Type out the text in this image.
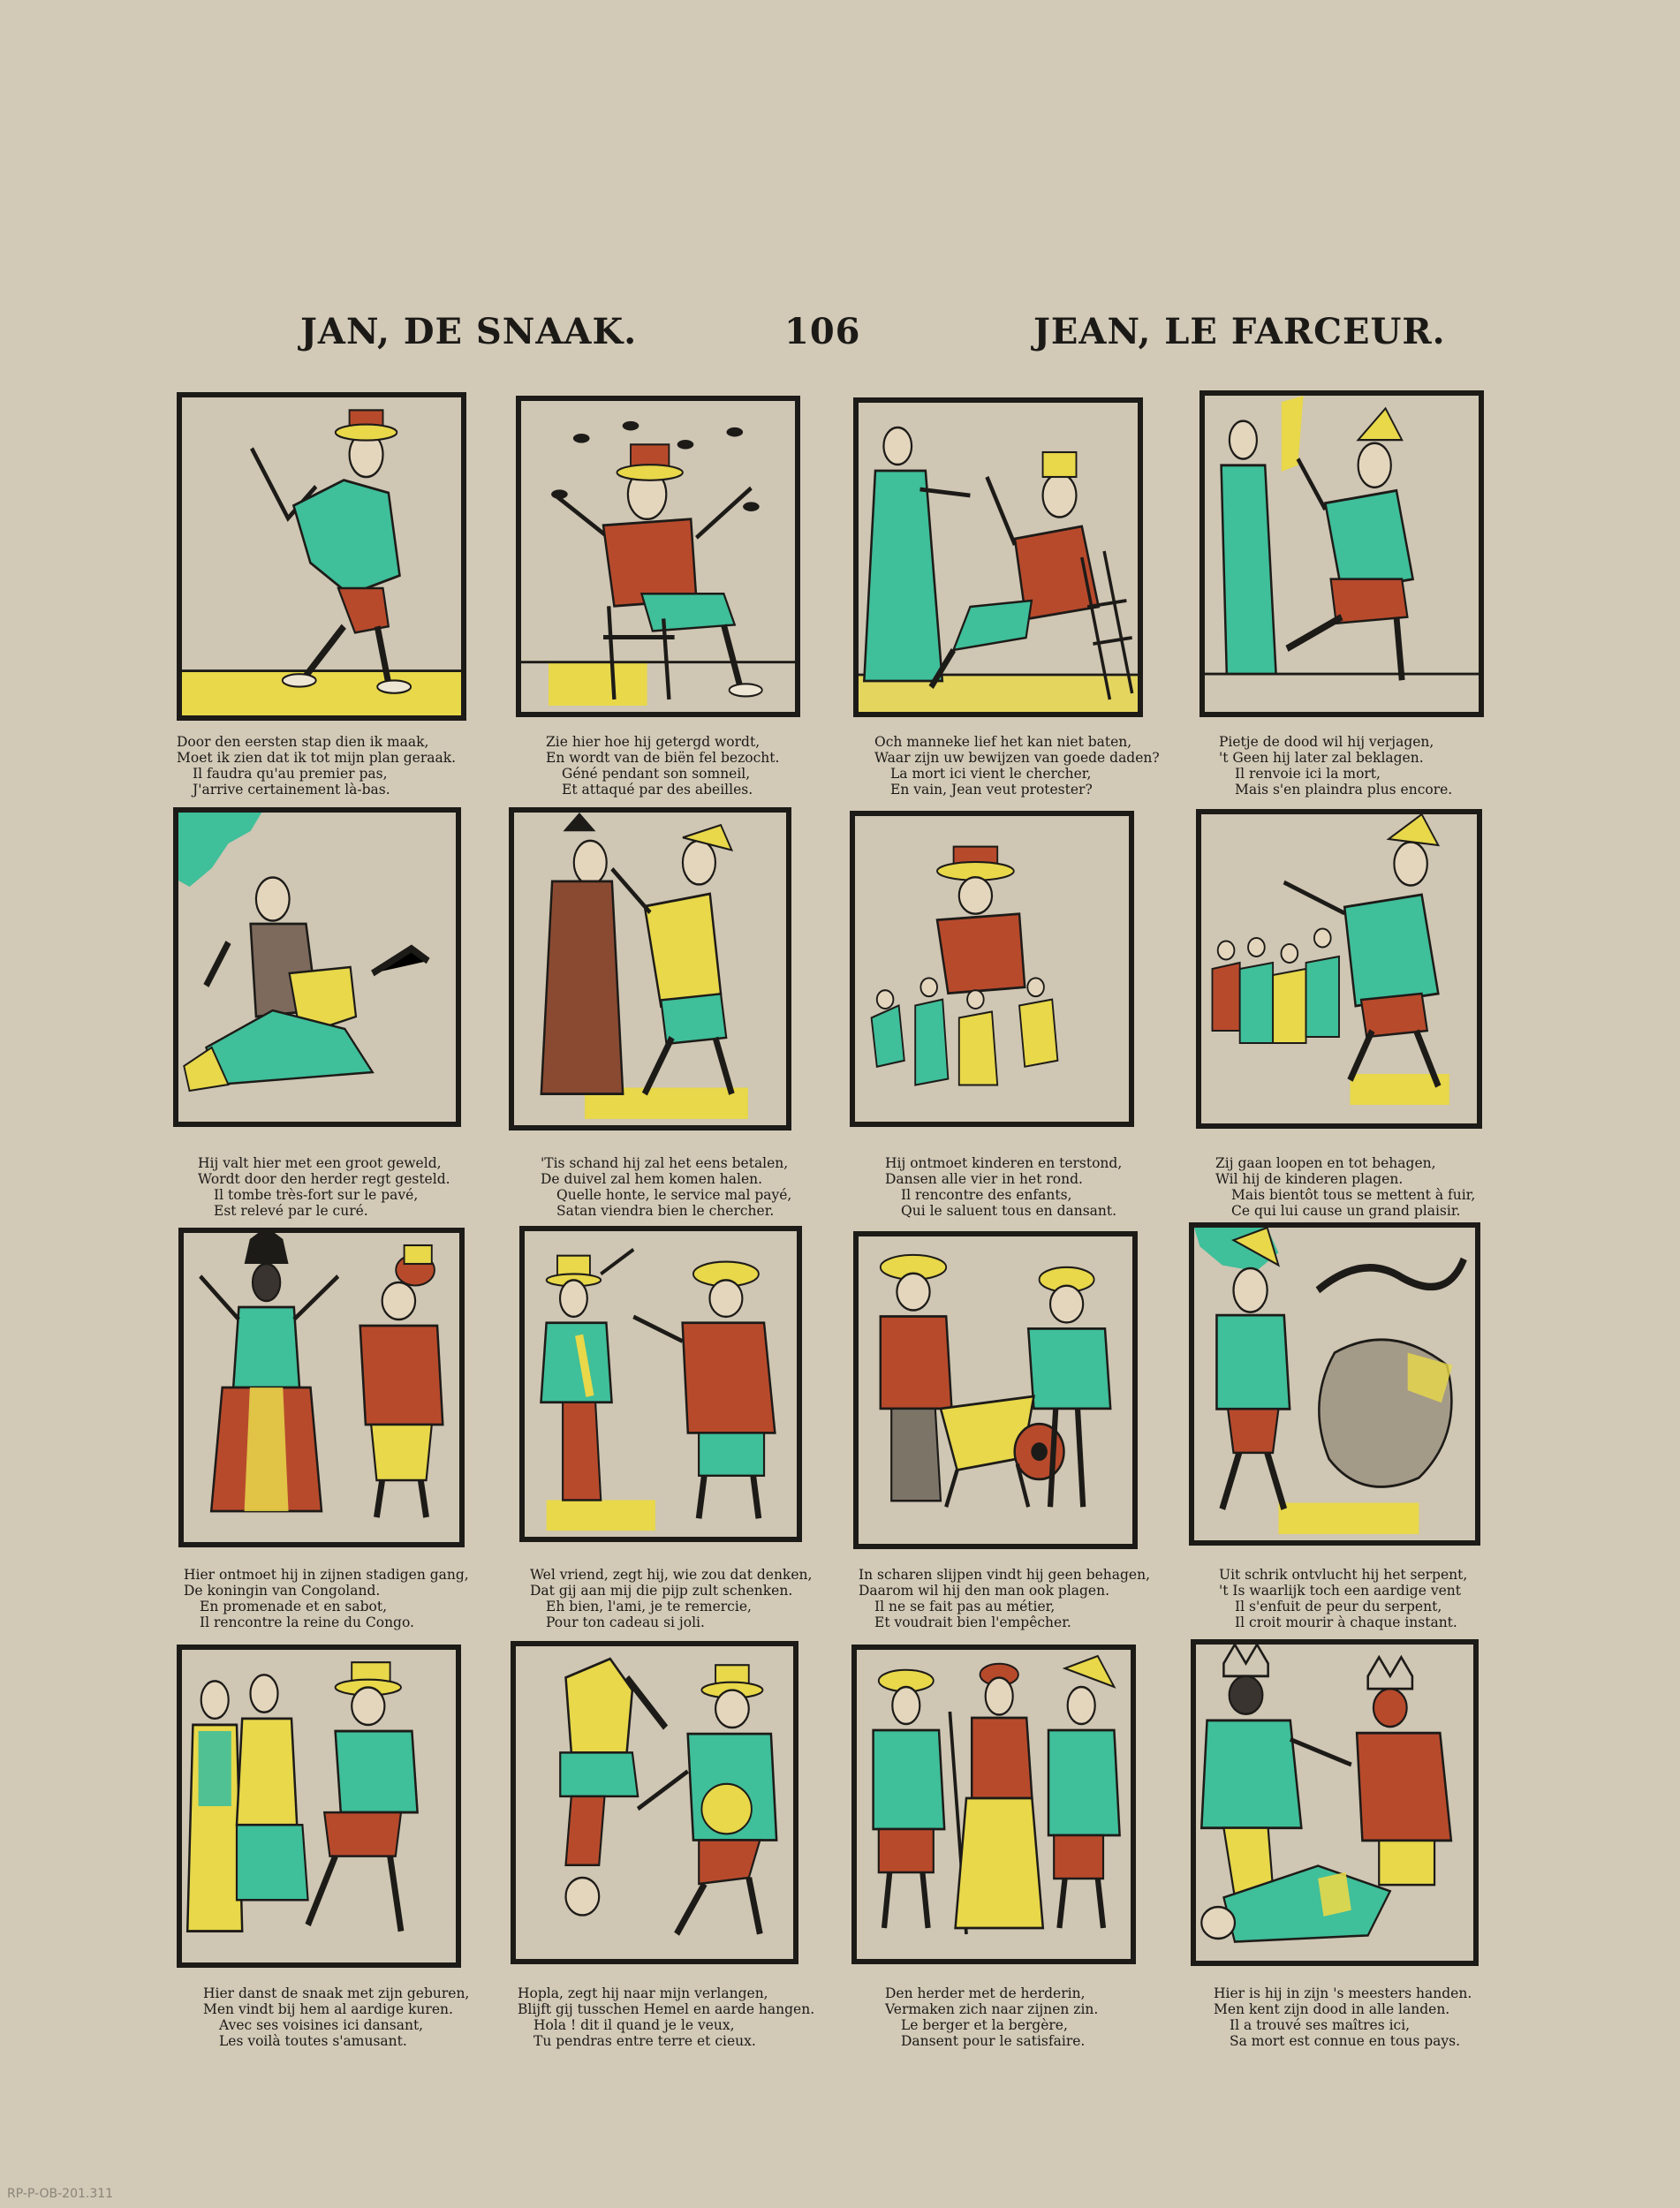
JAN, DE SNAAK.	106	JEAN, LE FARCEUR.
Door den eersten stap dien ik maak,
Moet ik zien dat ik tot mijn plan geraak.
Il faudra qu'au premier pas,
J'arrive certainement là-bas.
Zie hier hoe hij getergd wordt,
En wordt van de biën fel bezocht.
Géné pendant son somneil,
Et attaqué par des abeilles.
Och manneke lief het kan niet baten,
Waar zijn uw bewijzen van goede daden?
La mort ici vient le chercher,
En vain, Jean veut protester?
Pietje de dood wil hij verjagen,
't Geen hij later zal beklagen.
Il renvoie ici la mort,
Mais s'en plaindra plus encore.
Hij valt hier met een groot geweld,
Wordt door den herder regt gesteld.
Il tombe très-fort sur le pavé,
Est relevé par le curé.
'Tis schand hij zal het eens betalen,
De duivel zal hem komen halen.
Quelle honte, le service mal payé,
Satan viendra bien le chercher.
Hij ontmoet kinderen en terstond,
Dansen alle vier in het rond.
Il rencontre des enfants,
Qui le saluent tous en dansant.
Zij gaan loopen en tot behagen,
Wil hij de kinderen plagen.
Mais bientôt tous se mettent à fuir,
Ce qui lui cause un grand plaisir.
Hier ontmoet hij in zijnen stadigen gang,
De koningin van Congoland.
En promenade et en sabot,
Il rencontre la reine du Congo.
Wel vriend, zegt hij, wie zou dat denken,
Dat gij aan mij die pijp zult schenken.
Eh bien, l'ami, je te remercie,
Pour ton cadeau si joli.
In scharen slijpen vindt hij geen behagen,
Daarom wil hij den man ook plagen.
Il ne se fait pas au métier,
Et voudrait bien l'empêcher.
Uit schrik ontvlucht hij het serpent,
't Is waarlijk toch een aardige vent
Il s'enfuit de peur du serpent,
Il croit mourir à chaque instant.
Hier danst de snaak met zijn geburen,
Men vindt bij hem al aardige kuren.
Avec ses voisines ici dansant,
Les voilà toutes s'amusant.
Hopla, zegt hij naar mijn verlangen,
Blijft gij tusschen Hemel en aarde hangen.
Hola ! dit il quand je le veux,
Tu pendras entre terre et cieux.
Den herder met de herderin,
Vermaken zich naar zijnen zin.
Le berger et la bergère,
Dansent pour le satisfaire.
Hier is hij in zijn 's meesters handen.
Men kent zijn dood in alle landen.
Il a trouvé ses maîtres ici,
Sa mort est connue en tous pays.
RP-P-OB-201.311
